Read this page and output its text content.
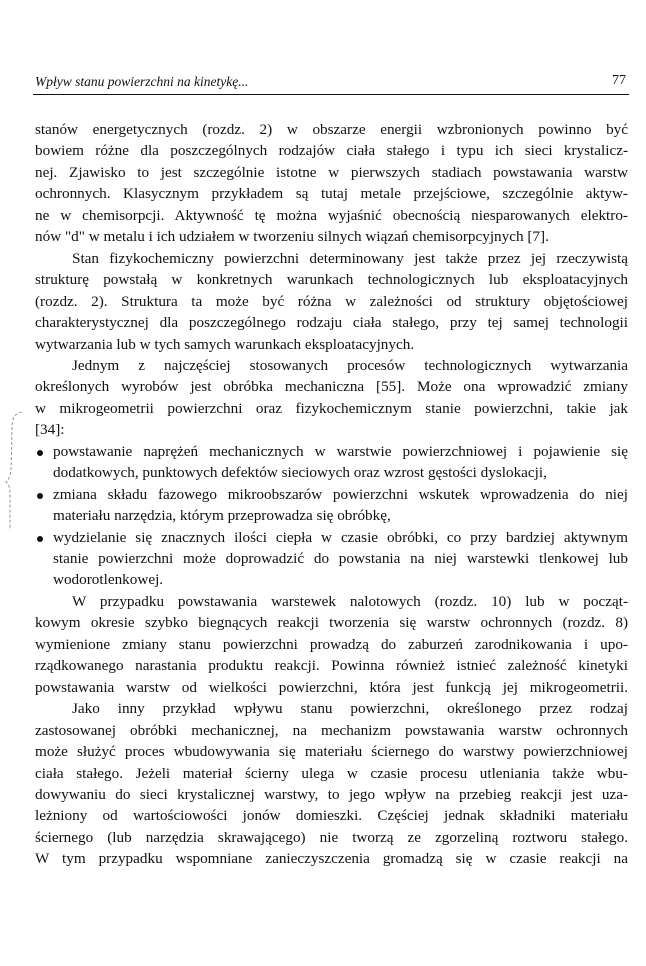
Wpływ stanu powierzchni na kinetykę...	77
stanów energetycznych (rozdz. 2) w obszarze energii wzbronionych powinno być
bowiem różne dla poszczególnych rodzajów ciała stałego i typu ich sieci krystalicz-
nej. Zjawisko to jest szczególnie istotne w pierwszych stadiach powstawania warstw
ochronnych. Klasycznym przykładem są tutaj metale przejściowe, szczególnie aktyw-
ne w chemisorpcji. Aktywność tę można wyjaśnić obecnością niesparowanych elektro-
nów "d" w metalu i ich udziałem w tworzeniu silnych wiązań chemisorpcyjnych [7].
Stan fizykochemiczny powierzchni determinowany jest także przez jej rzeczywistą
strukturę powstałą w konkretnych warunkach technologicznych lub eksploatacyjnych
(rozdz. 2). Struktura ta może być różna w zależności od struktury objętościowej
charakterystycznej dla poszczególnego rodzaju ciała stałego, przy tej samej technologii
wytwarzania lub w tych samych warunkach eksploatacyjnych.
Jednym z najczęściej stosowanych procesów technologicznych wytwarzania
określonych wyrobów jest obróbka mechaniczna [55]. Może ona wprowadzić zmiany
w mikrogeometrii powierzchni oraz fizykochemicznym stanie powierzchni, takie jak
[34]:
powstawanie naprężeń mechanicznych w warstwie powierzchniowej i pojawienie się
dodatkowych, punktowych defektów sieciowych oraz wzrost gęstości dyslokacji,
zmiana składu fazowego mikroobszarów powierzchni wskutek wprowadzenia do niej
materiału narzędzia, którym przeprowadza się obróbkę,
wydzielanie się znacznych ilości ciepła w czasie obróbki, co przy bardziej aktywnym
stanie powierzchni może doprowadzić do powstania na niej warstewki tlenkowej lub
wodorotlenkowej.
W przypadku powstawania warstewek nalotowych (rozdz. 10) lub w począt-
kowym okresie szybko biegnących reakcji tworzenia się warstw ochronnych (rozdz. 8)
wymienione zmiany stanu powierzchni prowadzą do zaburzeń zarodnikowania i upo-
rządkowanego narastania produktu reakcji. Powinna również istnieć zależność kinetyki
powstawania warstw od wielkości powierzchni, która jest funkcją jej mikrogeometrii.
Jako inny przykład wpływu stanu powierzchni, określonego przez rodzaj
zastosowanej obróbki mechanicznej, na mechanizm powstawania warstw ochronnych
może służyć proces wbudowywania się materiału ściernego do warstwy powierzchniowej
ciała stałego. Jeżeli materiał ścierny ulega w czasie procesu utleniania także wbu-
dowywaniu do sieci krystalicznej warstwy, to jego wpływ na przebieg reakcji jest uza-
leżniony od wartościowości jonów domieszki. Częściej jednak składniki materiału
ściernego (lub narzędzia skrawającego) nie tworzą ze zgorzeliną roztworu stałego.
W tym przypadku wspomniane zanieczyszczenia gromadzą się w czasie reakcji na
